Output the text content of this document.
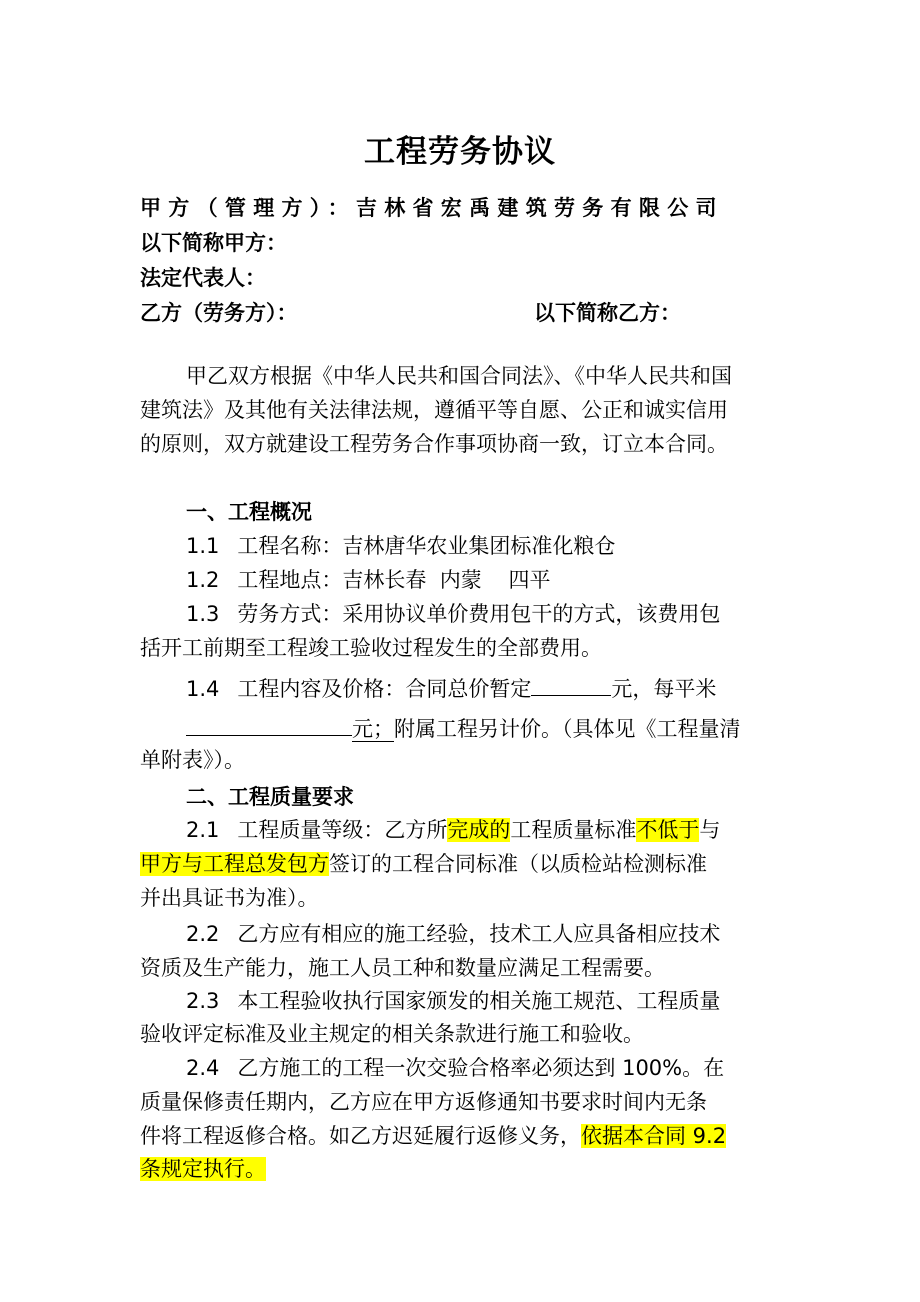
工程劳务协议
甲方（管理方）：吉林省宏禹建筑劳务有限公司
以下简称甲方：
法定代表人：
乙方（劳务方）：	以下简称乙方：
甲乙双方根据《中华人民共和国合同法》、《中华人民共和国
建筑法》及其他有关法律法规，遵循平等自愿、公正和诚实信用
的原则，双方就建设工程劳务合作事项协商一致，订立本合同。
一、工程概况
1.1 工程名称：吉林唐华农业集团标准化粮仓
1.2 工程地点：吉林长春  内蒙    四平
1.3 劳务方式：采用协议单价费用包干的方式，该费用包
括开工前期至工程竣工验收过程发生的全部费用。
1.4 工程内容及价格：合同总价暂定	元，每平米
元；附属工程另计价。（具体见《工程量清
单附表》）。
二、工程质量要求
2.1 工程质量等级：乙方所完成的工程质量标准不低于与
甲方与工程总发包方签订的工程合同标准（以质检站检测标准
并出具证书为准）。
2.2 乙方应有相应的施工经验，技术工人应具备相应技术
资质及生产能力，施工人员工种和数量应满足工程需要。
2.3 本工程验收执行国家颁发的相关施工规范、工程质量
验收评定标准及业主规定的相关条款进行施工和验收。
2.4 乙方施工的工程一次交验合格率必须达到 100%。在
质量保修责任期内，乙方应在甲方返修通知书要求时间内无条
件将工程返修合格。如乙方迟延履行返修义务，依据本合同 9.2
条规定执行。
